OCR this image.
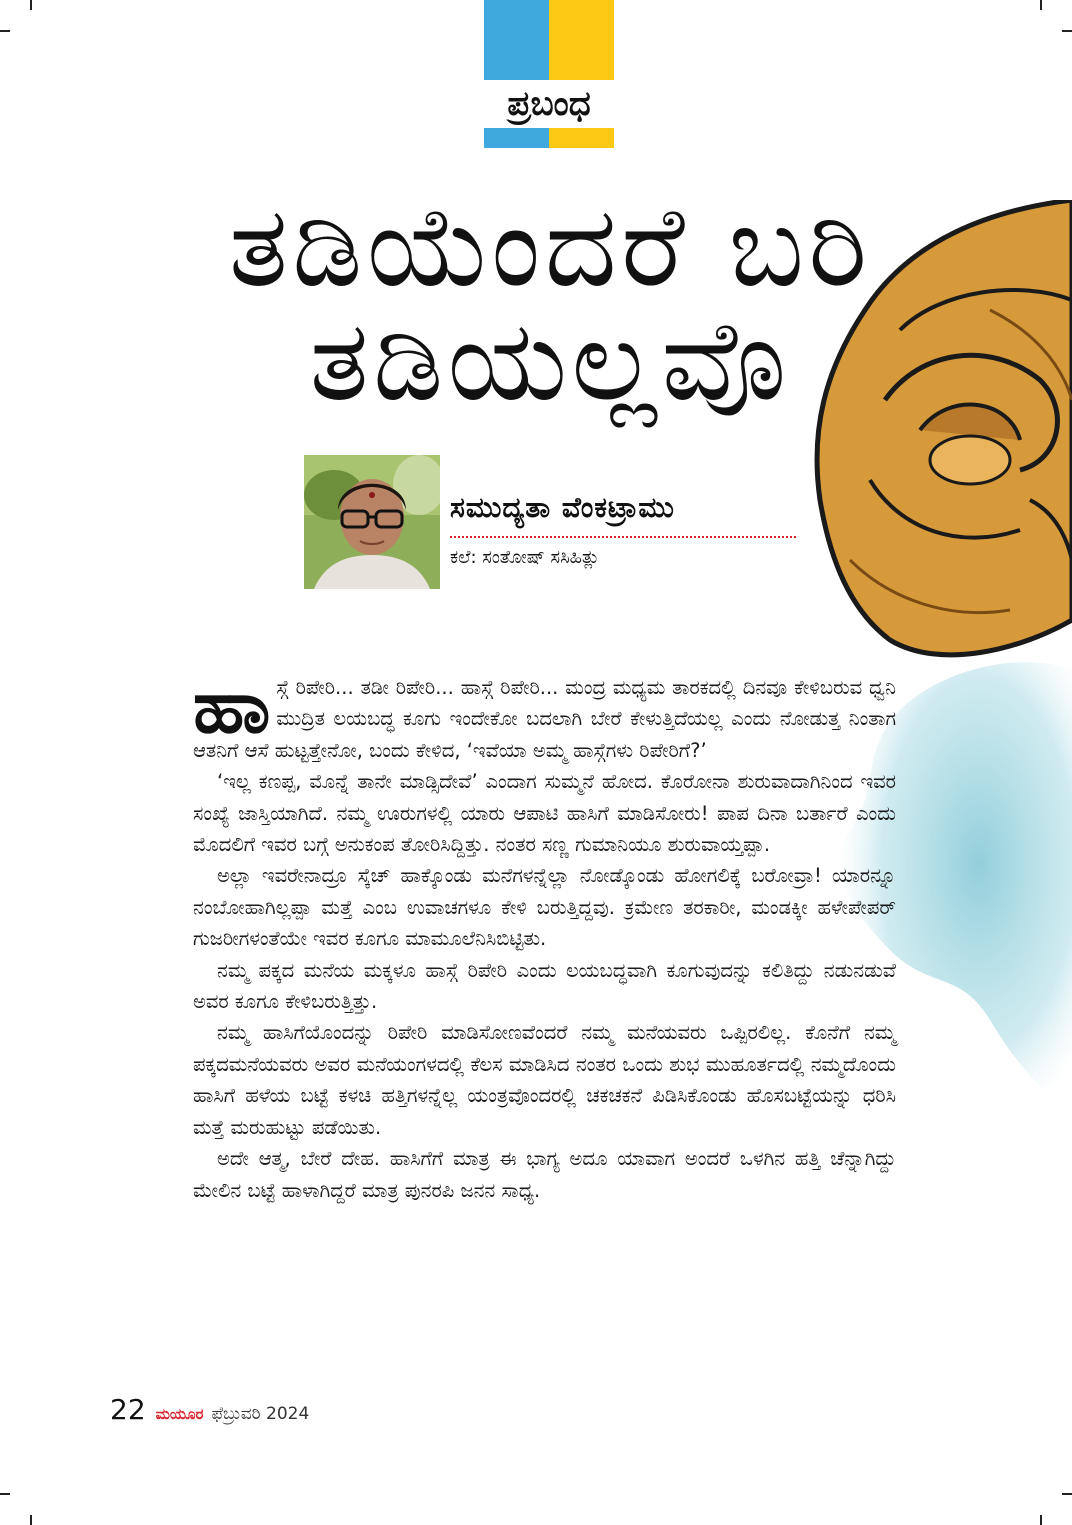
ಪ್ರಬಂಧ
ತಡಿಯೆಂದರೆ ಬರಿ
ತಡಿಯಲ್ಲವೊ
ಸಮುದ್ಯತಾ ವೆಂಕಟ್ರಾಮು
ಕಲೆ: ಸಂತೋಷ್ ಸಸಿಹಿತ್ಲು

ಹಾಸ್ಗೆ ರಿಪೇರಿ... ತಡೀ ರಿಪೇರಿ... ಹಾಸ್ಗೆ ರಿಪೇರಿ... ಮಂದ್ರ ಮಧ್ಯಮ ತಾರಕದಲ್ಲಿ ದಿನವೂ ಕೇಳಿಬರುವ ಧ್ವನಿ ಮುದ್ರಿತ ಲಯಬದ್ಧ ಕೂಗು ಇಂದೇಕೋ ಬದಲಾಗಿ ಬೇರೆ ಕೇಳುತ್ತಿದೆಯಲ್ಲ ಎಂದು ನೋಡುತ್ತ ನಿಂತಾಗ ಆತನಿಗೆ ಆಸೆ ಹುಟ್ಟತ್ತೇನೋ, ಬಂದು ಕೇಳಿದ, ‘ಇವೆಯಾ ಅಮ್ಮ ಹಾಸ್ಗೆಗಳು ರಿಪೇರಿಗೆ?’

‘ಇಲ್ಲ ಕಣಪ್ಪ, ಮೊನ್ನೆ ತಾನೇ ಮಾಡ್ಸಿದೇವೆ’ ಎಂದಾಗ ಸುಮ್ಮನೆ ಹೋದ. ಕೊರೋನಾ ಶುರುವಾದಾಗಿನಿಂದ ಇವರ ಸಂಖ್ಯೆ ಜಾಸ್ತಿಯಾಗಿದೆ. ನಮ್ಮ ಊರುಗಳಲ್ಲಿ ಯಾರು ಆಪಾಟಿ ಹಾಸಿಗೆ ಮಾಡಿಸೋರು! ಪಾಪ ದಿನಾ ಬರ್ತಾರೆ ಎಂದು ಮೊದಲಿಗೆ ಇವರ ಬಗ್ಗೆ ಅನುಕಂಪ ತೋರಿಸಿದ್ದಿತ್ತು. ನಂತರ ಸಣ್ಣ ಗುಮಾನಿಯೂ ಶುರುವಾಯ್ತಪ್ಪಾ.

ಅಲ್ಲಾ ಇವರೇನಾದ್ರೂ ಸ್ಕೆಚ್ ಹಾಕ್ಕೊಂಡು ಮನೆಗಳನ್ನೆಲ್ಲಾ ನೋಡ್ಕೊಂಡು ಹೋಗಲಿಕ್ಕೆ ಬರೋವ್ರಾ! ಯಾರನ್ನೂ ನಂಬೋಹಾಗಿಲ್ಲಪ್ಪಾ ಮತ್ತೆ ಎಂಬ ಉವಾಚಗಳೂ ಕೇಳಿ ಬರುತ್ತಿದ್ದವು. ಕ್ರಮೇಣ ತರಕಾರೀ, ಮಂಡಕ್ಕೀ ಹಳೇಪೇಪರ್ ಗುಜರೀಗಳಂತೆಯೇ ಇವರ ಕೂಗೂ ಮಾಮೂಲೆನಿಸಿಬಿಟ್ಟಿತು.

ನಮ್ಮ ಪಕ್ಕದ ಮನೆಯ ಮಕ್ಕಳೂ ಹಾಸ್ಗೆ ರಿಪೇರಿ ಎಂದು ಲಯಬದ್ಧವಾಗಿ ಕೂಗುವುದನ್ನು ಕಲಿತಿದ್ದು ನಡುನಡುವೆ ಅವರ ಕೂಗೂ ಕೇಳಿಬರುತ್ತಿತ್ತು.

ನಮ್ಮ ಹಾಸಿಗೆಯೊಂದನ್ನು ರಿಪೇರಿ ಮಾಡಿಸೋಣವೆಂದರೆ ನಮ್ಮ ಮನೆಯವರು ಒಪ್ಪಿರಲಿಲ್ಲ. ಕೊನೆಗೆ ನಮ್ಮ ಪಕ್ಕದಮನೆಯವರು ಅವರ ಮನೆಯಂಗಳದಲ್ಲಿ ಕೆಲಸ ಮಾಡಿಸಿದ ನಂತರ ಒಂದು ಶುಭ ಮುಹೂರ್ತದಲ್ಲಿ ನಮ್ಮದೊಂದು ಹಾಸಿಗೆ ಹಳೆಯ ಬಟ್ಟೆ ಕಳಚಿ ಹತ್ತಿಗಳನ್ನೆಲ್ಲ ಯಂತ್ರವೊಂದರಲ್ಲಿ ಚಕಚಕನೆ ಪಿಡಿಸಿಕೊಂಡು ಹೊಸಬಟ್ಟೆಯನ್ನು ಧರಿಸಿ ಮತ್ತೆ ಮರುಹುಟ್ಟು ಪಡೆಯಿತು.

ಅದೇ ಆತ್ಮ, ಬೇರೆ ದೇಹ. ಹಾಸಿಗೆಗೆ ಮಾತ್ರ ಈ ಭಾಗ್ಯ ಅದೂ ಯಾವಾಗ ಅಂದರೆ ಒಳಗಿನ ಹತ್ತಿ ಚೆನ್ನಾಗಿದ್ದು ಮೇಲಿನ ಬಟ್ಟೆ ಹಾಳಾಗಿದ್ದರೆ ಮಾತ್ರ ಪುನರಪಿ ಜನನ ಸಾಧ್ಯ.

22 ಮಯೂರ ಫೆಬ್ರುವರಿ 2024
